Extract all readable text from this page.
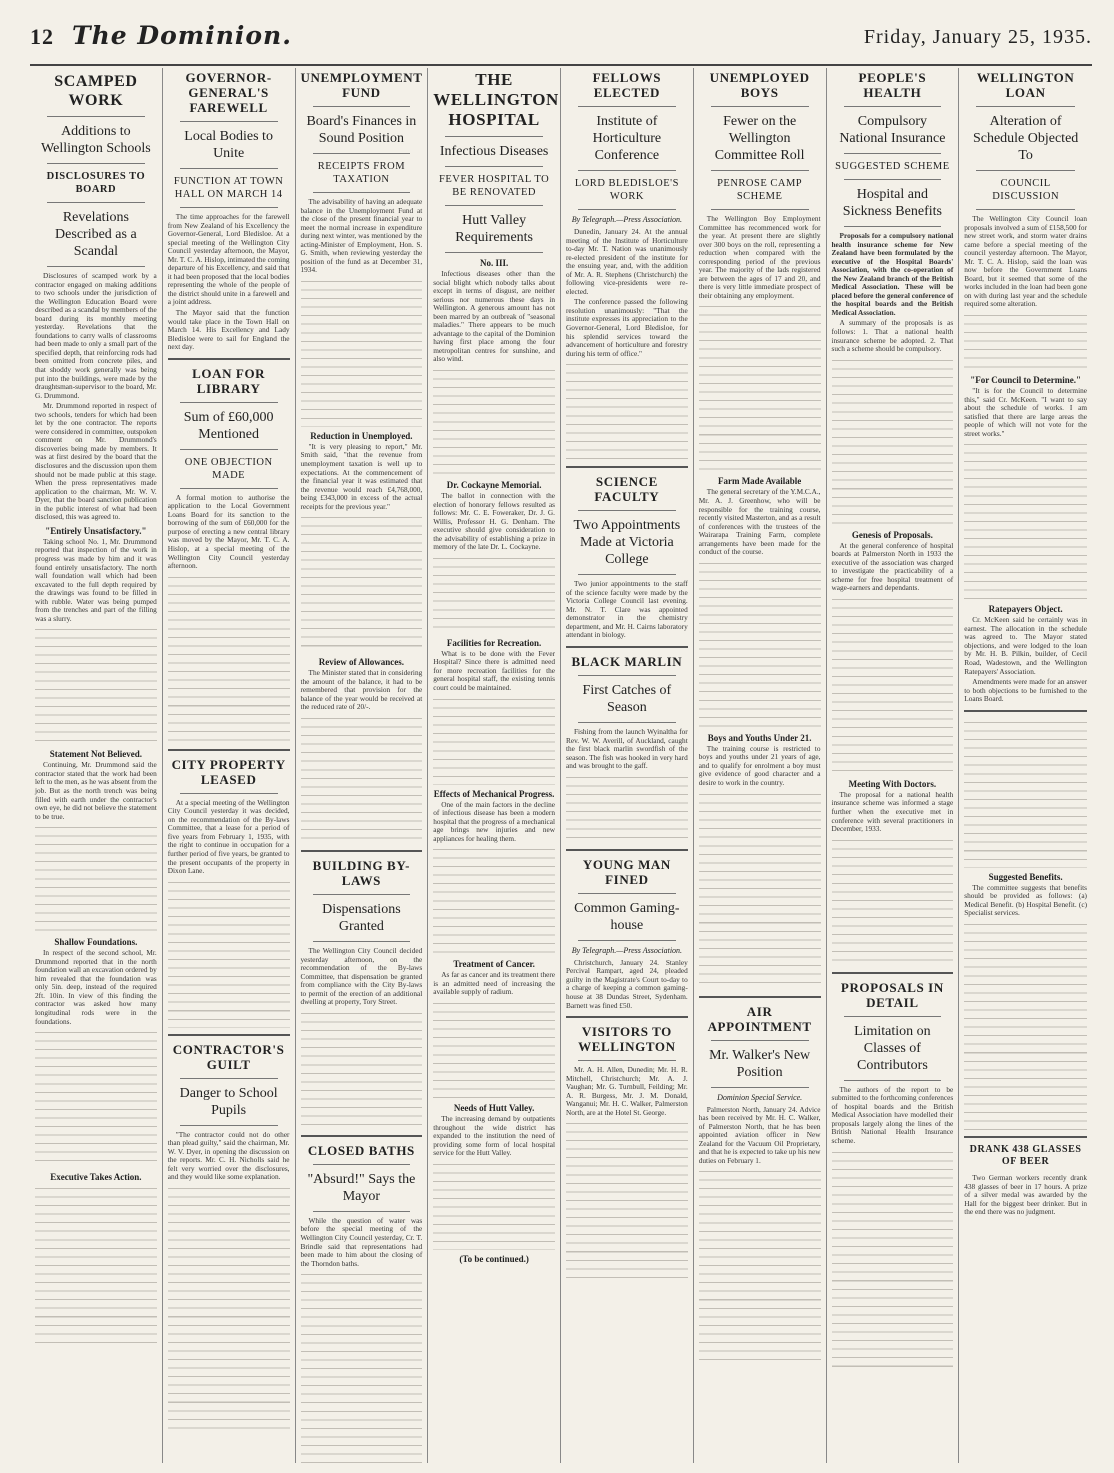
12 The Dominion.	Friday, January 25, 1935.
SCAMPED WORK
Additions to Wellington Schools
DISCLOSURES TO BOARD
Revelations Described as a Scandal

Disclosures of scamped work by a contractor engaged on making additions to two schools under the jurisdiction of the Wellington Education Board were described as a scandal by members of the board during its monthly meeting yesterday. Revelations that the foundations to carry walls of classrooms had been made to only a small part of the specified depth, that reinforcing rods had been omitted from concrete piles, and that shoddy work generally was being put into the buildings, were made by the draughtsman-supervisor to the board, Mr. G. Drummond.

Mr. Drummond reported in respect of two schools, tenders for which had been let by the one contractor. The reports were considered in committee, outspoken comment on Mr. Drummond's discoveries being made by members. It was at first desired by the board that the disclosures and the discussion upon them should not be made public at this stage. When the press representatives made application to the chairman, Mr. W. V. Dyer, that the board sanction publication in the public interest of what had been disclosed, this was agreed to.

"Entirely Unsatisfactory."

Taking school No. 1, Mr. Drummond reported that inspection of the work in progress was made by him and it was found entirely unsatisfactory. The north wall foundation wall which had been excavated to the full depth required by the drawings was found to be filled in with rubble. Water was being pumped from the trenches and part of the filling was a slurry.

Statement Not Believed.

Continuing, Mr. Drummond said the contractor stated that the work had been left to the men, as he was absent from the job. But as the north trench was being filled with earth under the contractor's own eye, he did not believe the statement to be true.

Shallow Foundations.

In respect of the second school, Mr. Drummond reported that in the north foundation wall an excavation ordered by him revealed that the foundation was only 5in. deep, instead of the required 2ft. 10in. In view of this finding the contractor was asked how many longitudinal rods were in the foundations.

Executive Takes Action.
GOVERNOR-GENERAL'S FAREWELL
Local Bodies to Unite
FUNCTION AT TOWN HALL ON MARCH 14

The time approaches for the farewell from New Zealand of his Excellency the Governor-General, Lord Bledisloe. At a special meeting of the Wellington City Council yesterday afternoon, the Mayor, Mr. T. C. A. Hislop, intimated the coming departure of his Excellency, and said that it had been proposed that the local bodies representing the whole of the people of the district should unite in a farewell and a joint address.

The Mayor said that the function would take place in the Town Hall on March 14. His Excellency and Lady Bledisloe were to sail for England the next day.

LOAN FOR LIBRARY
Sum of £60,000 Mentioned
ONE OBJECTION MADE

A formal motion to authorise the application to the Local Government Loans Board for its sanction to the borrowing of the sum of £60,000 for the purpose of erecting a new central library was moved by the Mayor, Mr. T. C. A. Hislop, at a special meeting of the Wellington City Council yesterday afternoon.

CITY PROPERTY LEASED

At a special meeting of the Wellington City Council yesterday it was decided, on the recommendation of the By-laws Committee, that a lease for a period of five years from February 1, 1935, with the right to continue in occupation for a further period of five years, be granted to the present occupants of the property in Dixon Lane.

CONTRACTOR'S GUILT
Danger to School Pupils

"The contractor could not do other than plead guilty," said the chairman, Mr. W. V. Dyer, in opening the discussion on the reports. Mr. C. H. Nicholls said he felt very worried over the disclosures, and they would like some explanation.

UNEMPLOYMENT FUND
Board's Finances in Sound Position
RECEIPTS FROM TAXATION

The advisability of having an adequate balance in the Unemployment Fund at the close of the present financial year to meet the normal increase in expenditure during next winter, was mentioned by the acting-Minister of Employment, Hon. S. G. Smith, when reviewing yesterday the position of the fund as at December 31, 1934.

Reduction in Unemployed.

"It is very pleasing to report," Mr. Smith said, "that the revenue from unemployment taxation is well up to expectations. At the commencement of the financial year it was estimated that the revenue would reach £4,768,000, being £343,000 in excess of the actual receipts for the previous year."

Review of Allowances.

The Minister stated that in considering the amount of the balance, it had to be remembered that provision for the balance of the year would be received at the reduced rate of 20/-.

BUILDING BY-LAWS
Dispensations Granted

The Wellington City Council decided yesterday afternoon, on the recommendation of the By-laws Committee, that dispensation be granted from compliance with the City By-laws to permit of the erection of an additional dwelling at property, Tory Street.

CLOSED BATHS
"Absurd!" Says the Mayor

While the question of water was before the special meeting of the Wellington City Council yesterday, Cr. T. Brindle said that representations had been made to him about the closing of the Thorndon baths.

THE WELLINGTON HOSPITAL
Infectious Diseases
FEVER HOSPITAL TO BE RENOVATED
Hutt Valley Requirements
No. III.

Infectious diseases other than the social blight which nobody talks about except in terms of disgust, are neither serious nor numerous these days in Wellington. A generous amount has not been marred by an outbreak of "seasonal maladies." There appears to be much advantage to the capital of the Dominion having first place among the four metropolitan centres for sunshine, and also wind.

Dr. Cockayne Memorial.

The ballot in connection with the election of honorary fellows resulted as follows: Mr. C. E. Foweraker, Dr. J. G. Willis, Professor H. G. Denham. The executive should give consideration to the advisability of establishing a prize in memory of the late Dr. L. Cockayne.

Facilities for Recreation.

What is to be done with the Fever Hospital? Since there is admitted need for more recreation facilities for the general hospital staff, the existing tennis court could be maintained.

Effects of Mechanical Progress.

One of the main factors in the decline of infectious disease has been a modern hospital that the progress of a mechanical age brings new injuries and new appliances for healing them.

Treatment of Cancer.

As far as cancer and its treatment there is an admitted need of increasing the available supply of radium.

Needs of Hutt Valley.

The increasing demand by outpatients throughout the wide district has expanded to the institution the need of providing some form of local hospital service for the Hutt Valley.

(To be continued.)
FELLOWS ELECTED
Institute of Horticulture Conference
LORD BLEDISLOE'S WORK
By Telegraph.—Press Association.

Dunedin, January 24. At the annual meeting of the Institute of Horticulture to-day Mr. T. Nation was unanimously re-elected president of the institute for the ensuing year, and, with the addition of Mr. A. R. Stephens (Christchurch) the following vice-presidents were re-elected.

The conference passed the following resolution unanimously: "That the institute expresses its appreciation to the Governor-General, Lord Bledisloe, for his splendid services toward the advancement of horticulture and forestry during his term of office."

SCIENCE FACULTY
Two Appointments Made at Victoria College

Two junior appointments to the staff of the science faculty were made by the Victoria College Council last evening. Mr. N. T. Clare was appointed demonstrator in the chemistry department, and Mr. H. Cairns laboratory attendant in biology.

BLACK MARLIN
First Catches of Season

Fishing from the launch Wyinaltha for Rev. W. W. Averill, of Auckland, caught the first black marlin swordfish of the season. The fish was hooked in very hard and was brought to the gaff.

YOUNG MAN FINED
Common Gaming-house
By Telegraph.—Press Association.

Christchurch, January 24. Stanley Percival Rampart, aged 24, pleaded guilty in the Magistrate's Court to-day to a charge of keeping a common gaming-house at 38 Dundas Street, Sydenham. Barnett was fined £50.

VISITORS TO WELLINGTON

Mr. A. H. Allen, Dunedin; Mr. H. R. Mitchell, Christchurch; Mr. A. J. Vaughan; Mr. G. Turnbull, Feilding; Mr. A. R. Burgess, Mr. J. M. Donald, Wanganui; Mr. H. C. Walker, Palmerston North, are at the Hotel St. George.

UNEMPLOYED BOYS
Fewer on the Wellington Committee Roll
PENROSE CAMP SCHEME

The Wellington Boy Employment Committee has recommenced work for the year. At present there are slightly over 300 boys on the roll, representing a reduction when compared with the corresponding period of the previous year. The majority of the lads registered are between the ages of 17 and 20, and there is very little immediate prospect of their obtaining any employment.

Farm Made Available

The general secretary of the Y.M.C.A., Mr. A. J. Greenhow, who will be responsible for the training course, recently visited Masterton, and as a result of conferences with the trustees of the Wairarapa Training Farm, complete arrangements have been made for the conduct of the course.

Boys and Youths Under 21.

The training course is restricted to boys and youths under 21 years of age, and to qualify for enrolment a boy must give evidence of good character and a desire to work in the country.

AIR APPOINTMENT
Mr. Walker's New Position
Dominion Special Service.

Palmerston North, January 24. Advice has been received by Mr. H. C. Walker, of Palmerston North, that he has been appointed aviation officer in New Zealand for the Vacuum Oil Proprietary, and that he is expected to take up his new duties on February 1.

PEOPLE'S HEALTH
Compulsory National Insurance
SUGGESTED SCHEME
Hospital and Sickness Benefits

Proposals for a compulsory national health insurance scheme for New Zealand have been formulated by the executive of the Hospital Boards' Association, with the co-operation of the New Zealand branch of the British Medical Association. These will be placed before the general conference of the hospital boards and the British Medical Association.

A summary of the proposals is as follows: 1. That a national health insurance scheme be adopted. 2. That such a scheme should be compulsory.

Genesis of Proposals.

At the general conference of hospital boards at Palmerston North in 1933 the executive of the association was charged to investigate the practicability of a scheme for free hospital treatment of wage-earners and dependants.

Meeting With Doctors.

The proposal for a national health insurance scheme was informed a stage further when the executive met in conference with several practitioners in December, 1933.

PROPOSALS IN DETAIL
Limitation on Classes of Contributors

The authors of the report to be submitted to the forthcoming conferences of hospital boards and the British Medical Association have modelled their proposals largely along the lines of the British National Health Insurance scheme.

WELLINGTON LOAN
Alteration of Schedule Objected To
COUNCIL DISCUSSION

The Wellington City Council loan proposals involved a sum of £158,500 for new street work, and storm water drains came before a special meeting of the council yesterday afternoon. The Mayor, Mr. T. C. A. Hislop, said the loan was now before the Government Loans Board, but it seemed that some of the works included in the loan had been gone on with during last year and the schedule required some alteration.

"For Council to Determine."

"It is for the Council to determine this," said Cr. McKeen. "I want to say about the schedule of works. I am satisfied that there are large areas the people of which will not vote for the street works."

Ratepayers Object.

Cr. McKeen said he certainly was in earnest. The allocation in the schedule was agreed to. The Mayor stated objections, and were lodged to the loan by Mr. H. B. Pilkin, builder, of Cecil Road, Wadestown, and the Wellington Ratepayers' Association.

Amendments were made for an answer to both objections to be furnished to the Loans Board.

Suggested Benefits.

The committee suggests that benefits should be provided as follows: (a) Medical Benefit. (b) Hospital Benefit. (c) Specialist services.

DRANK 438 GLASSES OF BEER

Two German workers recently drank 438 glasses of beer in 17 hours. A prize of a silver medal was awarded by the Hall for the biggest beer drinker. But in the end there was no judgment.
